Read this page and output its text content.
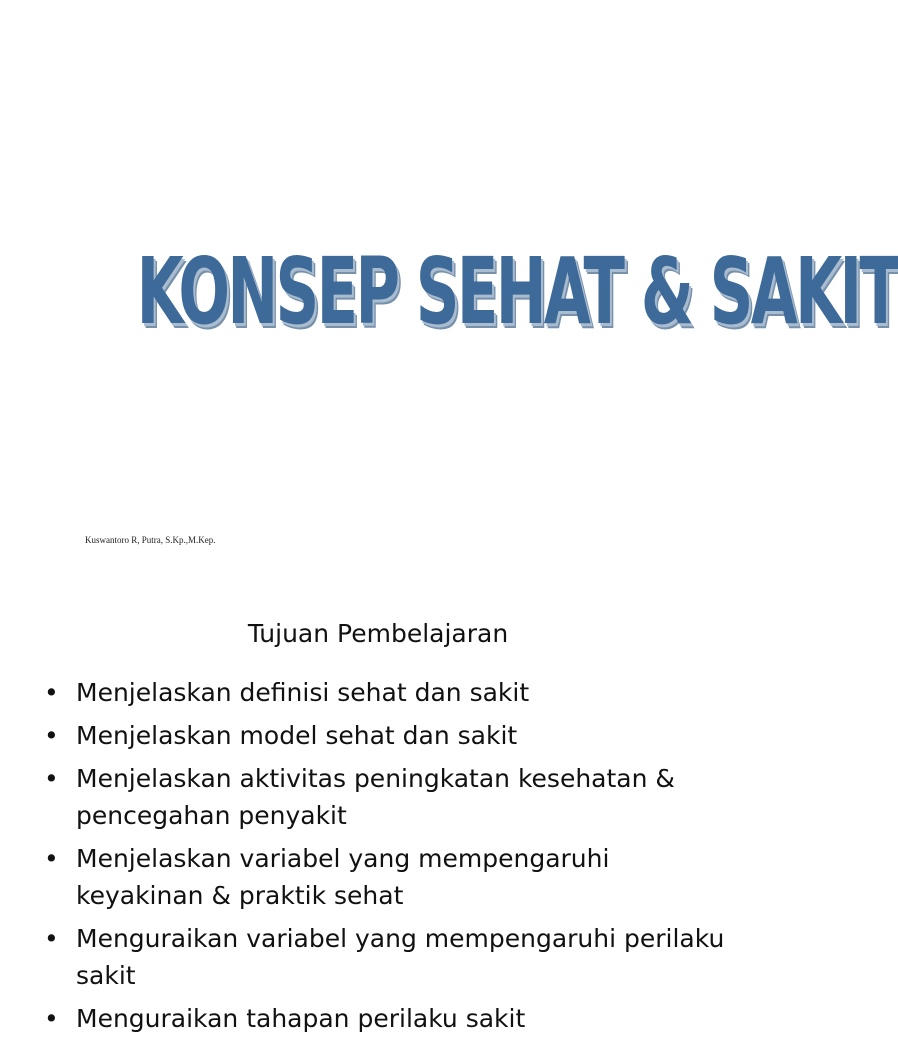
KONSEP SEHAT & SAKIT
Kuswantoro R, Putra, S.Kp.,M.Kep.
Tujuan Pembelajaran
• Menjelaskan definisi sehat dan sakit
• Menjelaskan model sehat dan sakit
• Menjelaskan aktivitas peningkatan kesehatan & pencegahan penyakit
• Menjelaskan variabel yang mempengaruhi keyakinan & praktik sehat
• Menguraikan variabel yang mempengaruhi perilaku sakit
• Menguraikan tahapan perilaku sakit
